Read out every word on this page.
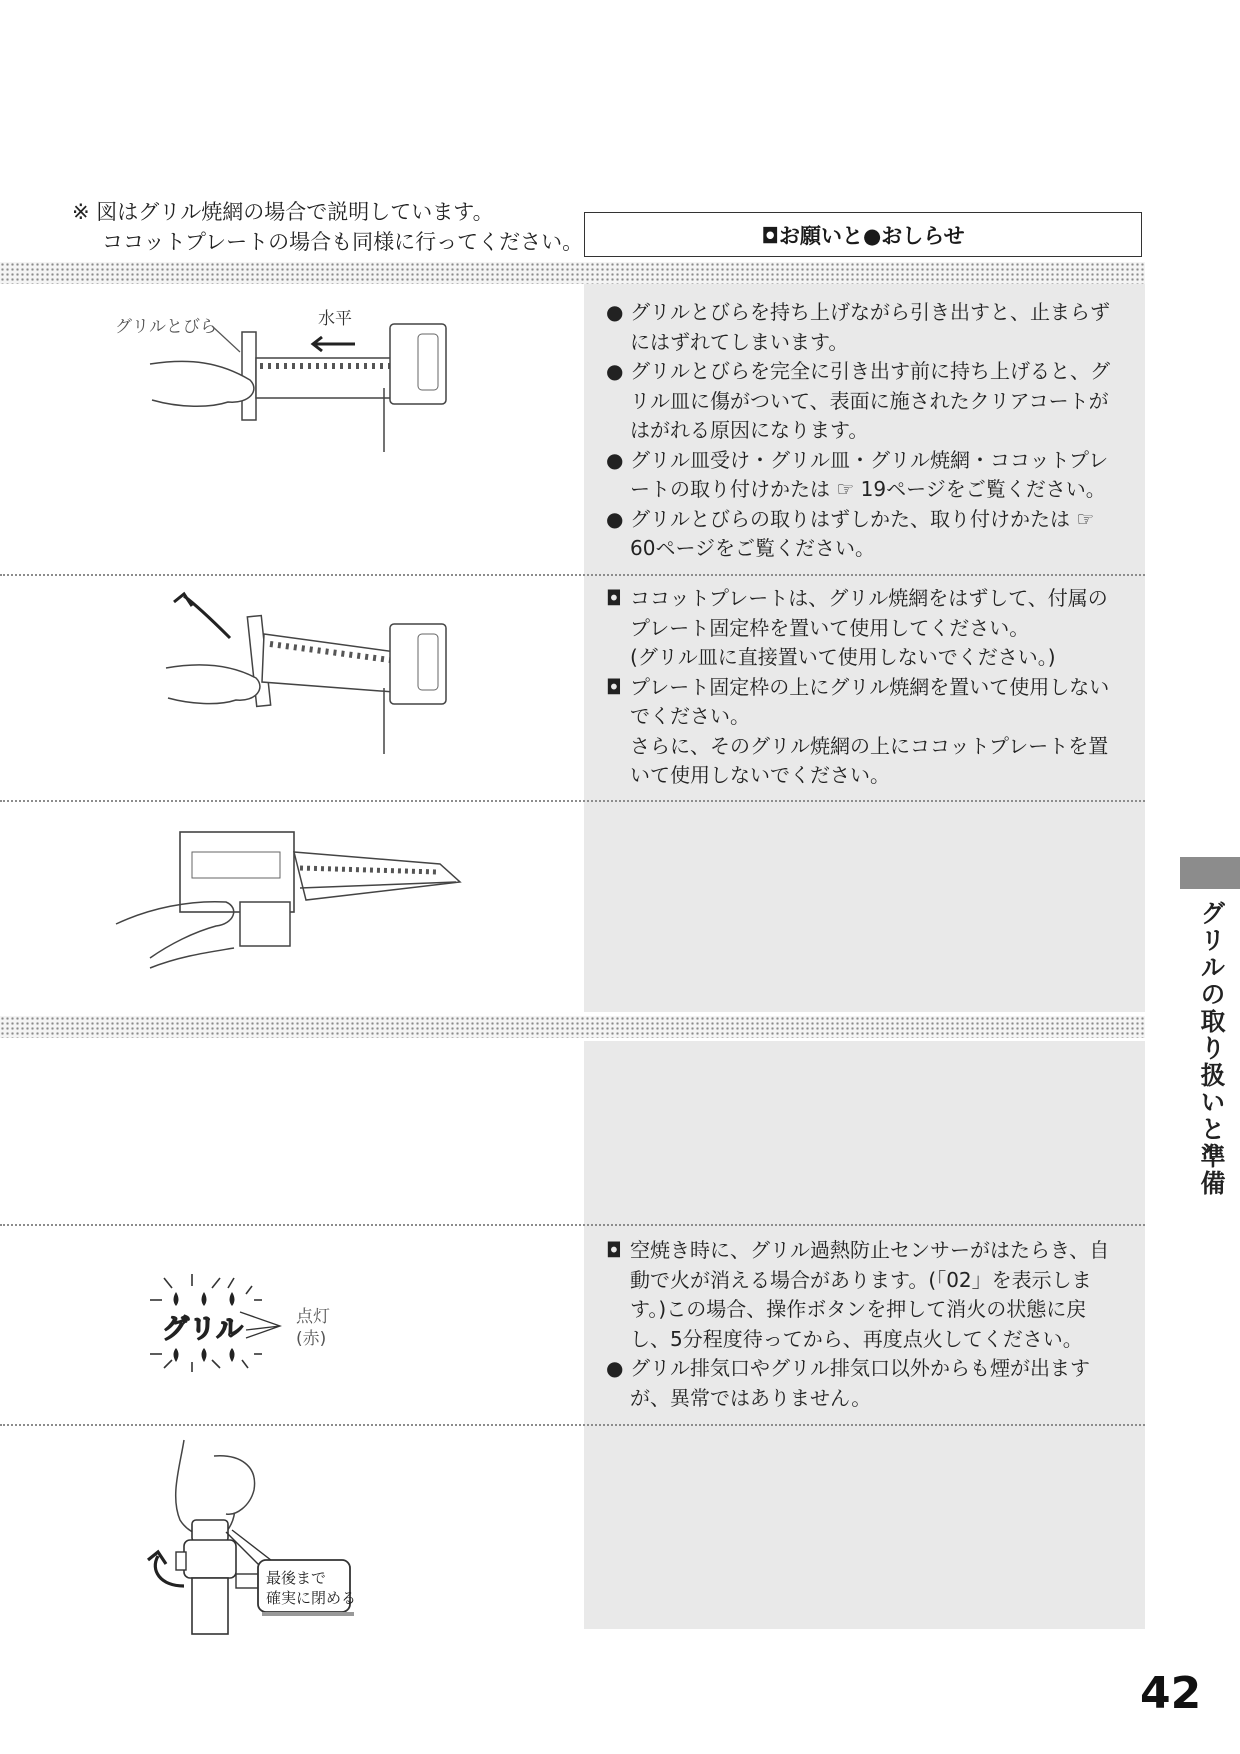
※ 図はグリル焼網の場合で説明しています。
ココットプレートの場合も同様に行ってください。	◘お願いと●おしらせ

● グリルとびらを持ち上げながら引き出すと、止まらずにはずれてしまいます。

● グリルとびらを完全に引き出す前に持ち上げると、グリル皿に傷がついて、表面に施されたクリアコートがはがれる原因になります。

● グリル皿受け・グリル皿・グリル焼網・ココットプレートの取り付けかたは ☞ 19ページをご覧ください。

● グリルとびらの取りはずしかた、取り付けかたは ☞ 60ページをご覧ください。

◘ ココットプレートは、グリル焼網をはずして、付属のプレート固定枠を置いて使用してください。

(グリル皿に直接置いて使用しないでください。)

◘ プレート固定枠の上にグリル焼網を置いて使用しないでください。

さらに、そのグリル焼網の上にココットプレートを置いて使用しないでください。

◘ 空焼き時に、グリル過熱防止センサーがはたらき、自動で火が消える場合があります。(「02」を表示します。)この場合、操作ボタンを押して消火の状態に戻し、5分程度待ってから、再度点火してください。

● グリル排気口やグリル排気口以外からも煙が出ますが、異常ではありません。

グリルとびら	水平
グリル	点灯
(赤)
最後まで
確実に閉める
グリルの取り扱いと準備
42
